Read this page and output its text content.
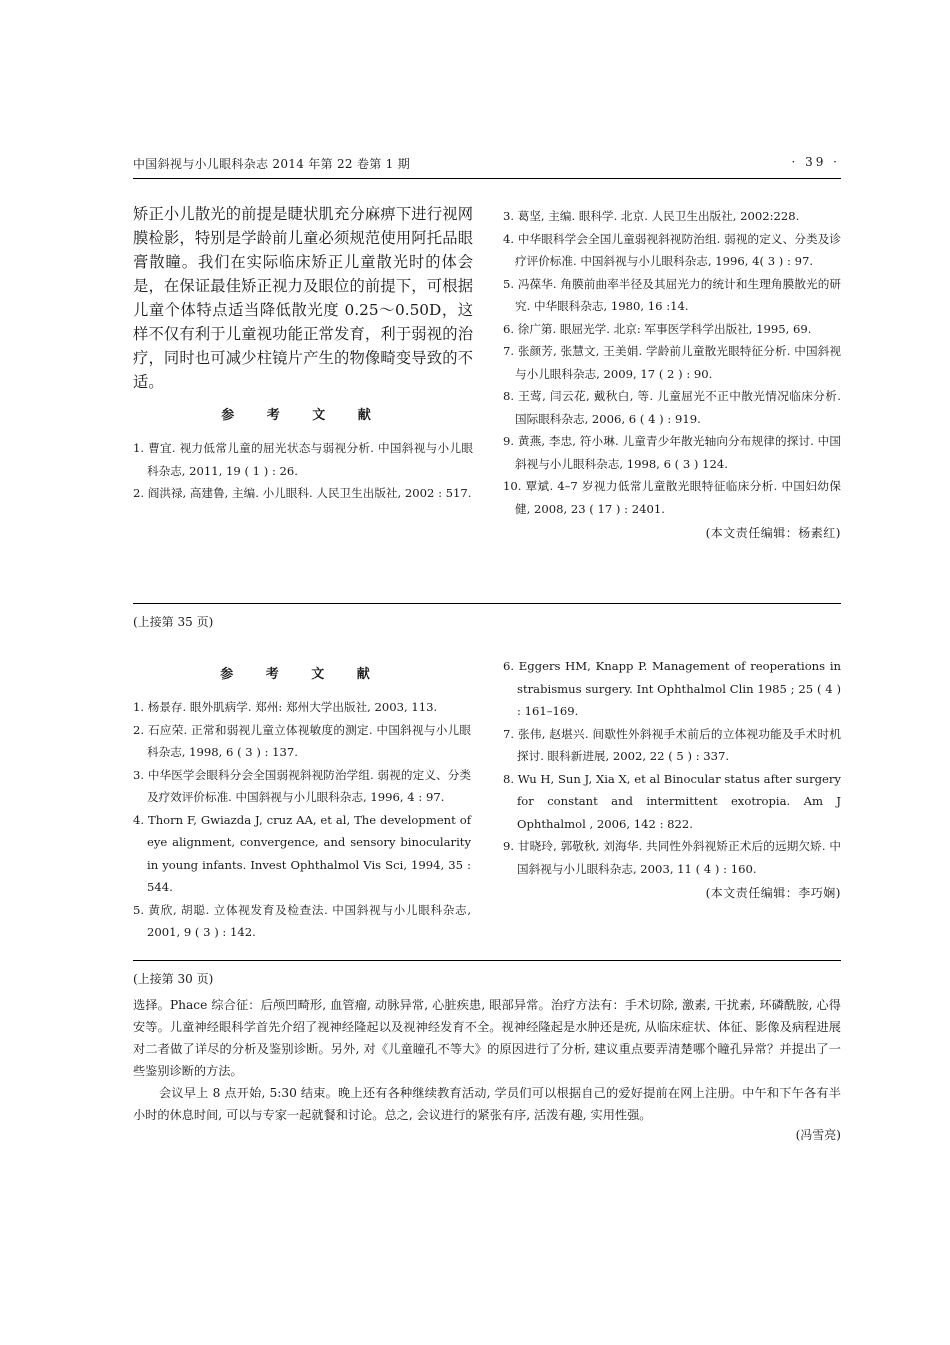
中国斜视与小儿眼科杂志 2014 年第 22 卷第 1 期	· 39 ·

矫正小儿散光的前提是睫状肌充分麻痹下进行视网膜检影，特别是学龄前儿童必须规范使用阿托品眼膏散瞳。我们在实际临床矫正儿童散光时的体会是，在保证最佳矫正视力及眼位的前提下，可根据儿童个体特点适当降低散光度 0.25～0.50D，这样不仅有利于儿童视功能正常发育，利于弱视的治疗，同时也可减少柱镜片产生的物像畸变导致的不适。

参 考 文 献
1. 曹宜. 视力低常儿童的屈光状态与弱视分析. 中国斜视与小儿眼科杂志, 2011, 19 ( 1 ) : 26.
2. 阎洪禄, 高建鲁, 主编. 小儿眼科. 人民卫生出版社, 2002 : 517.
3. 葛坚, 主编. 眼科学. 北京. 人民卫生出版社, 2002:228.
4. 中华眼科学会全国儿童弱视斜视防治组. 弱视的定义、分类及诊疗评价标准. 中国斜视与小儿眼科杂志, 1996, 4( 3 ) : 97.
5. 冯葆华. 角膜前曲率半径及其屈光力的统计和生理角膜散光的研究. 中华眼科杂志, 1980, 16 :14.
6. 徐广第. 眼屈光学. 北京: 军事医学科学出版社, 1995, 69.
7. 张颜芳, 张慧文, 王美娟. 学龄前儿童散光眼特征分析. 中国斜视与小儿眼科杂志, 2009, 17 ( 2 ) : 90.
8. 王莺, 闫云花, 戴秋白, 等. 儿童屈光不正中散光情况临床分析. 国际眼科杂志, 2006, 6 ( 4 ) : 919.
9. 黄燕, 李忠, 符小琳. 儿童青少年散光轴向分布规律的探讨. 中国斜视与小儿眼科杂志, 1998, 6 ( 3 ) 124.
10. 覃斌. 4–7 岁视力低常儿童散光眼特征临床分析. 中国妇幼保健, 2008, 23 ( 17 ) : 2401.
(本文责任编辑：杨素红)
(上接第 35 页)
参 考 文 献
1. 杨景存. 眼外肌病学. 郑州: 郑州大学出版社, 2003, 113.
2. 石应荣. 正常和弱视儿童立体视敏度的测定. 中国斜视与小儿眼科杂志, 1998, 6 ( 3 ) : 137.
3. 中华医学会眼科分会全国弱视斜视防治学组. 弱视的定义、分类及疗效评价标准. 中国斜视与小儿眼科杂志, 1996, 4 : 97.
4. Thorn F, Gwiazda J, cruz AA, et al, The development of eye alignment, convergence, and sensory binocularity in young infants. Invest Ophthalmol Vis Sci, 1994, 35 : 544.
5. 黄欣, 胡聪. 立体视发育及检查法. 中国斜视与小儿眼科杂志, 2001, 9 ( 3 ) : 142.
6. Eggers HM, Knapp P. Management of reoperations in strabismus surgery. Int Ophthalmol Clin 1985 ; 25 ( 4 ) : 161–169.
7. 张伟, 赵堪兴. 间歇性外斜视手术前后的立体视功能及手术时机探讨. 眼科新进展, 2002, 22 ( 5 ) : 337.
8. Wu H, Sun J, Xia X, et al Binocular status after surgery for constant and intermittent exotropia. Am J Ophthalmol , 2006, 142 : 822.
9. 甘晓玲, 郭敬秋, 刘海华. 共同性外斜视矫正术后的远期欠矫. 中国斜视与小儿眼科杂志, 2003, 11 ( 4 ) : 160.
(本文责任编辑：李巧娴)
(上接第 30 页)

选择。Phace 综合征：后颅凹畸形, 血管瘤, 动脉异常, 心脏疾患, 眼部异常。治疗方法有：手术切除, 激素, 干扰素, 环磷酰胺, 心得安等。儿童神经眼科学首先介绍了视神经隆起以及视神经发育不全。视神经隆起是水肿还是疣, 从临床症状、体征、影像及病程进展对二者做了详尽的分析及鉴别诊断。另外, 对《儿童瞳孔不等大》的原因进行了分析, 建议重点要弄清楚哪个瞳孔异常？并提出了一些鉴别诊断的方法。

会议早上 8 点开始, 5:30 结束。晚上还有各种继续教育活动, 学员们可以根据自己的爱好提前在网上注册。中午和下午各有半小时的休息时间, 可以与专家一起就餐和讨论。总之, 会议进行的紧张有序, 活泼有趣, 实用性强。

(冯雪亮)
